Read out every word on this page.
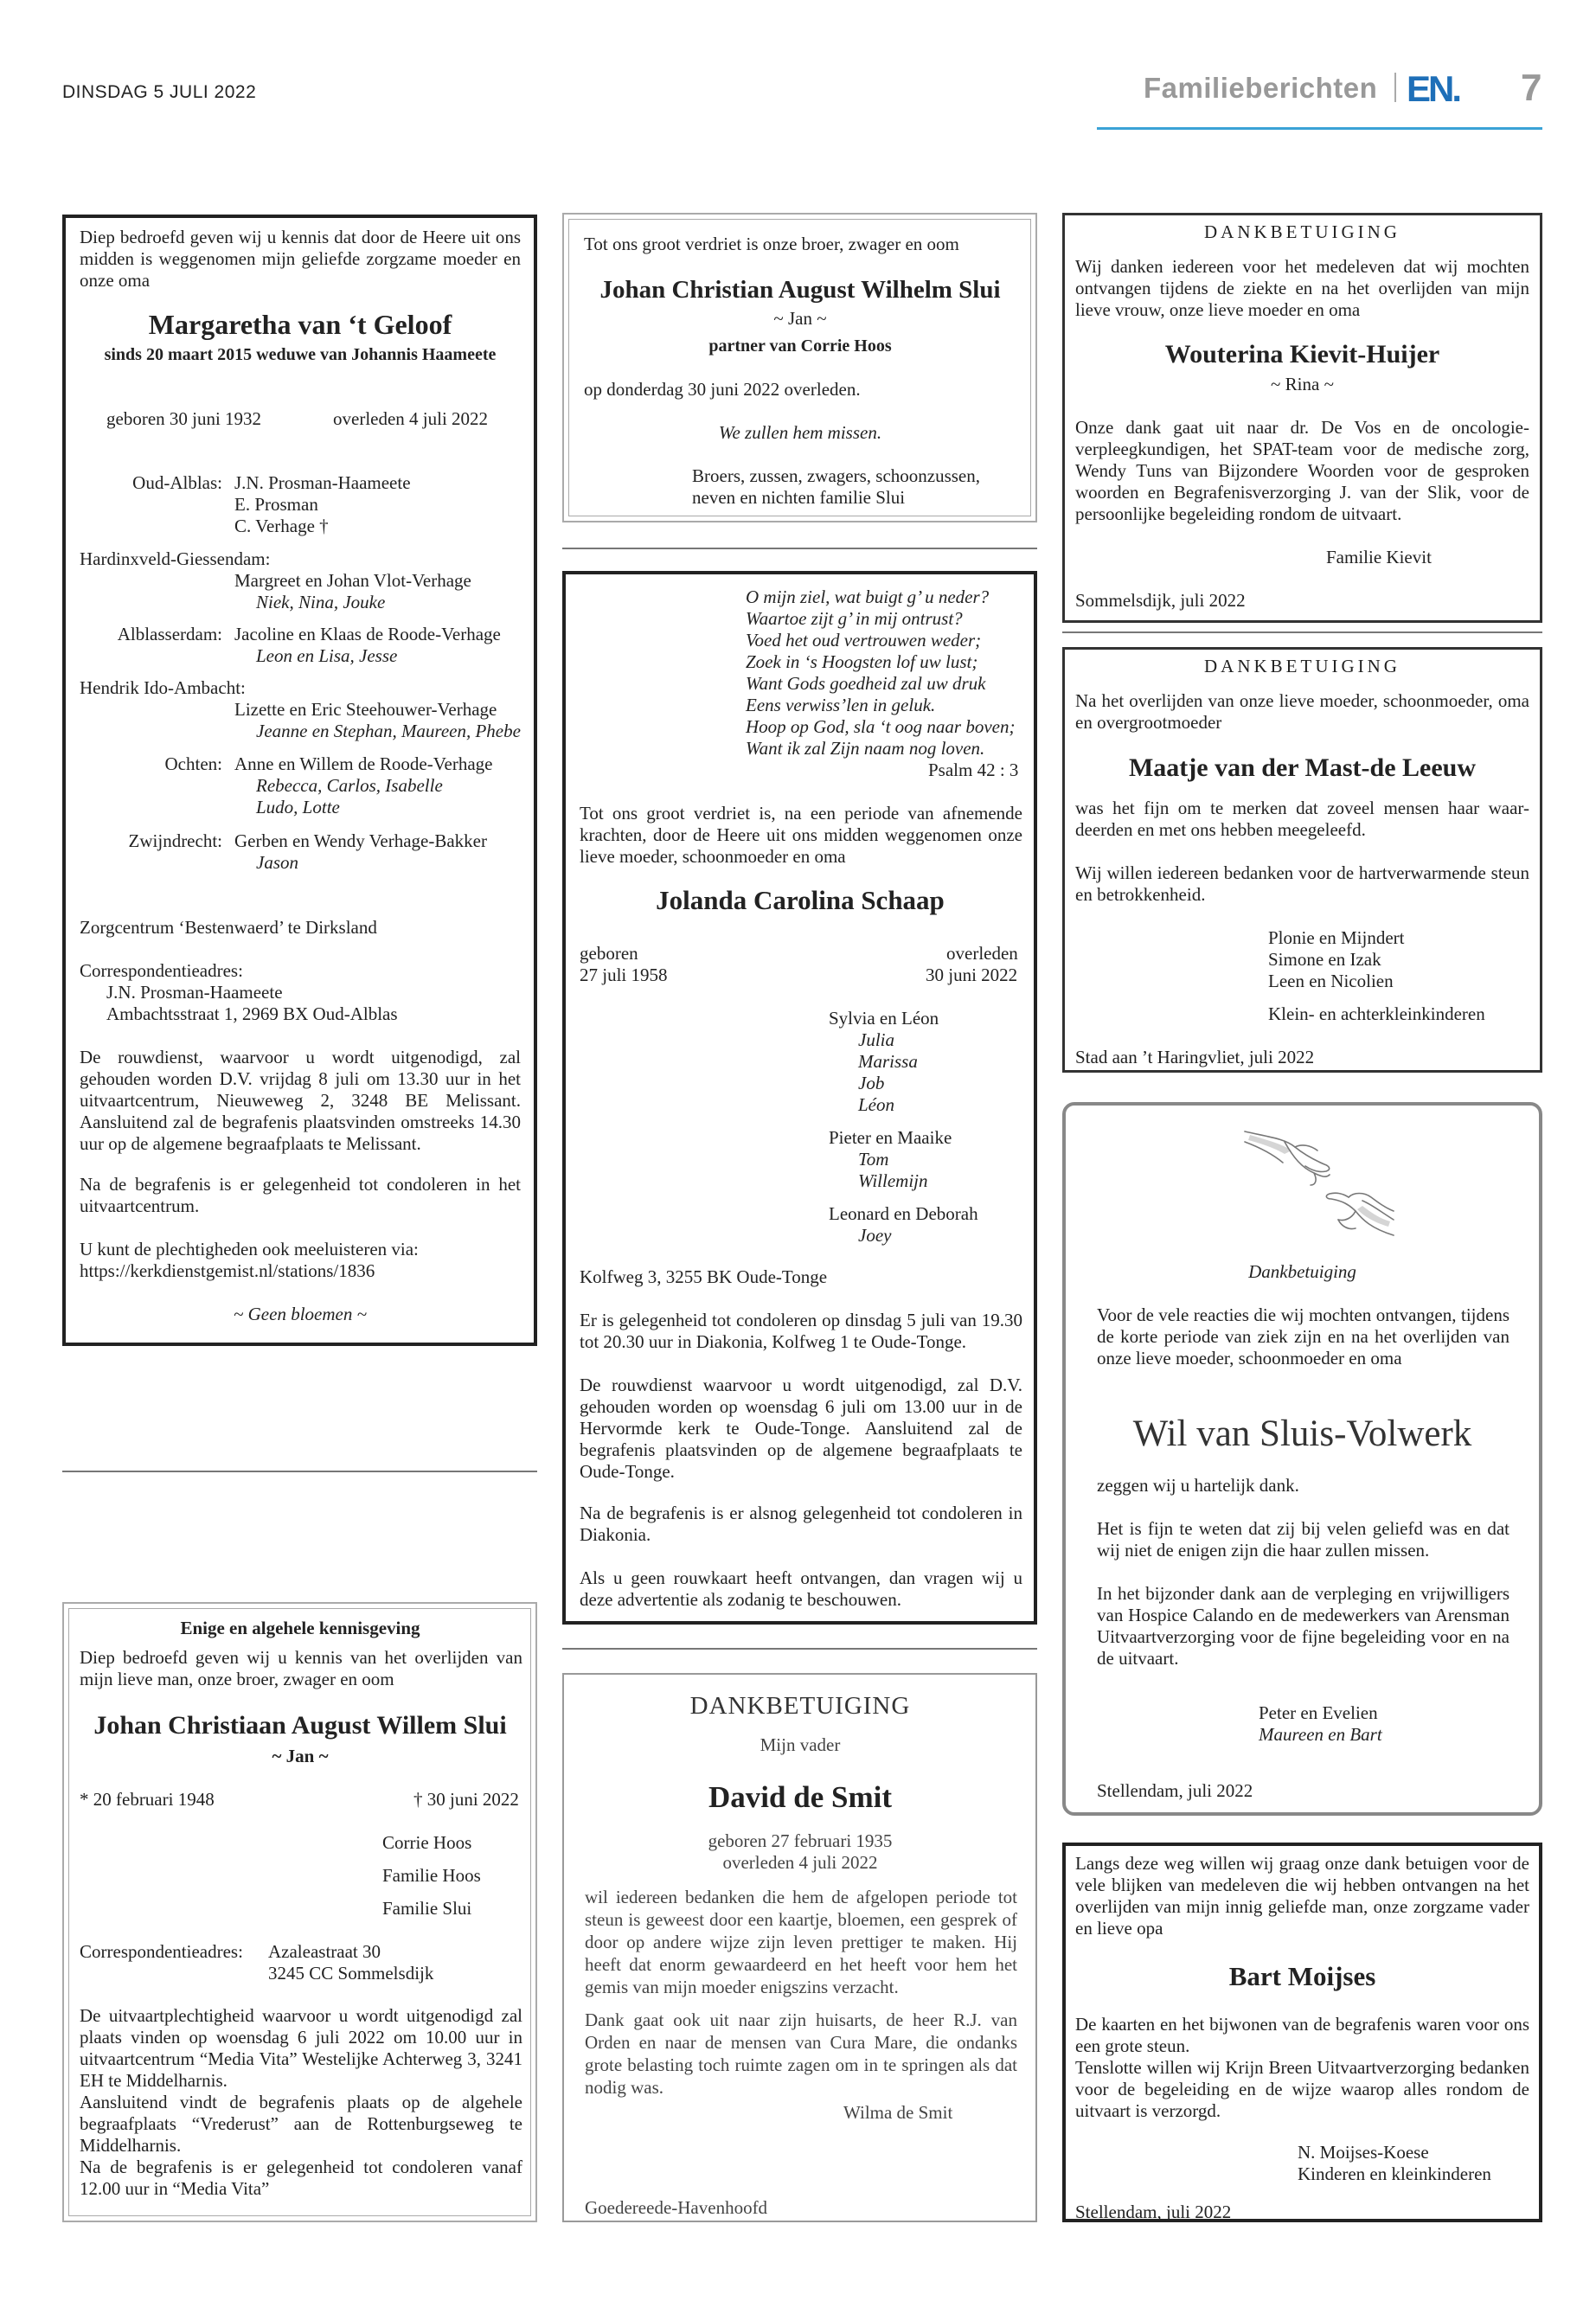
DINSDAG 5 JULI 2022	Familieberichten EN. 7
Diep bedroefd geven wij u kennis dat door de Heere uit ons midden is weggenomen mijn geliefde zorgzame moeder en onze oma
Margaretha van ‘t Geloof
sinds 20 maart 2015 weduwe van Johannis Haameete
geboren 30 juni 1932	overleden 4 juli 2022
Oud-Alblas: J.N. Prosman-Haameete
E. Prosman
C. Verhage †
Hardinxveld-Giessendam:
Margreet en Johan Vlot-Verhage
Niek, Nina, Jouke
Alblasserdam: Jacoline en Klaas de Roode-Verhage
Leon en Lisa, Jesse
Hendrik Ido-Ambacht:
Lizette en Eric Steehouwer-Verhage
Jeanne en Stephan, Maureen, Phebe
Ochten: Anne en Willem de Roode-Verhage
Rebecca, Carlos, Isabelle
Ludo, Lotte
Zwijndrecht: Gerben en Wendy Verhage-Bakker
Jason
Zorgcentrum ‘Bestenwaerd’ te Dirksland
Correspondentieadres:
J.N. Prosman-Haameete
Ambachtsstraat 1, 2969 BX Oud-Alblas
De rouwdienst, waarvoor u wordt uitgenodigd, zal gehouden worden D.V. vrijdag 8 juli om 13.30 uur in het uitvaartcentrum, Nieuweweg 2, 3248 BE Melissant. Aansluitend zal de begrafenis plaatsvinden omstreeks 14.30 uur op de algemene begraafplaats te Melissant.
Na de begrafenis is er gelegenheid tot condoleren in het uitvaartcentrum.
U kunt de plechtigheden ook meeluisteren via:
https://kerkdienstgemist.nl/stations/1836
~ Geen bloemen ~
Enige en algehele kennisgeving
Diep bedroefd geven wij u kennis van het overlijden van mijn lieve man, onze broer, zwager en oom
Johan Christiaan August Willem Slui
~ Jan ~
* 20 februari 1948	† 30 juni 2022
Corrie Hoos
Familie Hoos
Familie Slui
Correspondentieadres: Azaleastraat 30
3245 CC Sommelsdijk
De uitvaartplechtigheid waarvoor u wordt uitgenodigd zal plaats vinden op woensdag 6 juli 2022 om 10.00 uur in uitvaartcentrum “Media Vita” Westelijke Achterweg 3, 3241 EH te Middelharnis.
Aansluitend vindt de begrafenis plaats op de algehele begraafplaats “Vrederust” aan de Rottenburgseweg te Middelharnis.
Na de begrafenis is er gelegenheid tot condoleren vanaf 12.00 uur in “Media Vita”
Tot ons groot verdriet is onze broer, zwager en oom
Johan Christian August Wilhelm Slui
~ Jan ~
partner van Corrie Hoos
op donderdag 30 juni 2022 overleden.
We zullen hem missen.
Broers, zussen, zwagers, schoonzussen,
neven en nichten familie Slui
O mijn ziel, wat buigt g’ u neder?
Waartoe zijt g’ in mij ontrust?
Voed het oud vertrouwen weder;
Zoek in ‘s Hoogsten lof uw lust;
Want Gods goedheid zal uw druk
Eens verwiss’len in geluk.
Hoop op God, sla ‘t oog naar boven;
Want ik zal Zijn naam nog loven.
Psalm 42 : 3
Tot ons groot verdriet is, na een periode van afnemende krachten, door de Heere uit ons midden weggenomen onze lieve moeder, schoonmoeder en oma
Jolanda Carolina Schaap
geboren
27 juli 1958
overleden
30 juni 2022
Sylvia en Léon
Julia
Marissa
Job
Léon
Pieter en Maaike
Tom
Willemijn
Leonard en Deborah
Joey
Kolfweg 3, 3255 BK Oude-Tonge
Er is gelegenheid tot condoleren op dinsdag 5 juli van 19.30 tot 20.30 uur in Diakonia, Kolfweg 1 te Oude-Tonge.
De rouwdienst waarvoor u wordt uitgenodigd, zal D.V. gehouden worden op woensdag 6 juli om 13.00 uur in de Hervormde kerk te Oude-Tonge. Aansluitend zal de begrafenis plaatsvinden op de algemene begraafplaats te Oude-Tonge.
Na de begrafenis is er alsnog gelegenheid tot condoleren in Diakonia.
Als u geen rouwkaart heeft ontvangen, dan vragen wij u deze advertentie als zodanig te beschouwen.
DANKBETUIGING
Mijn vader
David de Smit
geboren 27 februari 1935
overleden 4 juli 2022
wil iedereen bedanken die hem de afgelopen periode tot steun is geweest door een kaartje, bloemen, een gesprek of door op andere wijze zijn leven prettiger te maken. Hij heeft dat enorm gewaardeerd en het heeft voor hem het gemis van mijn moeder enigszins verzacht.
Dank gaat ook uit naar zijn huisarts, de heer R.J. van Orden en naar de mensen van Cura Mare, die ondanks grote belasting toch ruimte zagen om in te springen als dat nodig was.
Wilma de Smit
Goedereede-Havenhoofd
DANKBETUIGING
Wij danken iedereen voor het medeleven dat wij mochten ontvangen tijdens de ziekte en na het overlijden van mijn lieve vrouw, onze lieve moeder en oma
Wouterina Kievit-Huijer
~ Rina ~
Onze dank gaat uit naar dr. De Vos en de oncologie-verpleegkundigen, het SPAT-team voor de medische zorg, Wendy Tuns van Bijzondere Woorden voor de gesproken woorden en Begrafenisverzorging J. van der Slik, voor de persoonlijke begeleiding rondom de uitvaart.
Familie Kievit
Sommelsdijk, juli 2022
DANKBETUIGING
Na het overlijden van onze lieve moeder, schoonmoeder, oma en overgrootmoeder
Maatje van der Mast-de Leeuw
was het fijn om te merken dat zoveel mensen haar waar-deerden en met ons hebben meegeleefd.
Wij willen iedereen bedanken voor de hartverwarmende steun en betrokkenheid.
Plonie en Mijndert
Simone en Izak
Leen en Nicolien
Klein- en achterkleinkinderen
Stad aan ’t Haringvliet, juli 2022
Dankbetuiging
Voor de vele reacties die wij mochten ontvangen, tijdens de korte periode van ziek zijn en na het overlijden van onze lieve moeder, schoonmoeder en oma
Wil van Sluis-Volwerk
zeggen wij u hartelijk dank.
Het is fijn te weten dat zij bij velen geliefd was en dat wij niet de enigen zijn die haar zullen missen.
In het bijzonder dank aan de verpleging en vrijwilligers van Hospice Calando en de medewerkers van Arensman Uitvaartverzorging voor de fijne begeleiding voor en na de uitvaart.
Peter en Evelien
Maureen en Bart
Stellendam, juli 2022
Langs deze weg willen wij graag onze dank betuigen voor de vele blijken van medeleven die wij hebben ontvangen na het overlijden van mijn innig geliefde man, onze zorgzame vader en lieve opa
Bart Moijses
De kaarten en het bijwonen van de begrafenis waren voor ons een grote steun.
Tenslotte willen wij Krijn Breen Uitvaartverzorging bedanken voor de begeleiding en de wijze waarop alles rondom de uitvaart is verzorgd.
N. Moijses-Koese
Kinderen en kleinkinderen
Stellendam, juli 2022
